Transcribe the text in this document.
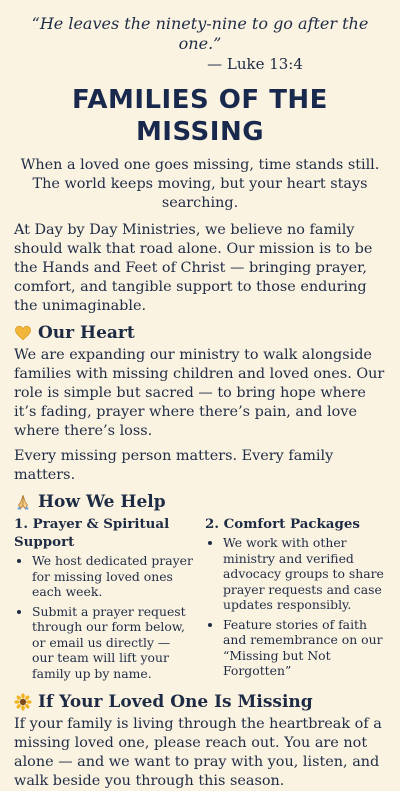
“He leaves the ninety-nine to go after the one.”

— Luke 13:4

FAMILIES OF THE MISSING

When a loved one goes missing, time stands still. The world keeps moving, but your heart stays searching.

At Day by Day Ministries, we believe no family should walk that road alone. Our mission is to be the Hands and Feet of Christ — bringing prayer, comfort, and tangible support to those enduring the unimaginable.

Our Heart

We are expanding our ministry to walk alongside families with missing children and loved ones. Our role is simple but sacred — to bring hope where it’s fading, prayer where there’s pain, and love where there’s loss.

Every missing person matters. Every family matters.

How We Help

1. Prayer & Spiritual Support

• We host dedicated prayer for missing loved ones each week.
• Submit a prayer request through our form below, or email us directly — our team will lift your family up by name.

2. Comfort Packages

• We work with other ministry and verified advocacy groups to share prayer requests and case updates responsibly.
• Feature stories of faith and remembrance on our “Missing but Not Forgotten”
If Your Loved One Is Missing

If your family is living through the heartbreak of a missing loved one, please reach out. You are not alone — and we want to pray with you, listen, and walk beside you through this season.
